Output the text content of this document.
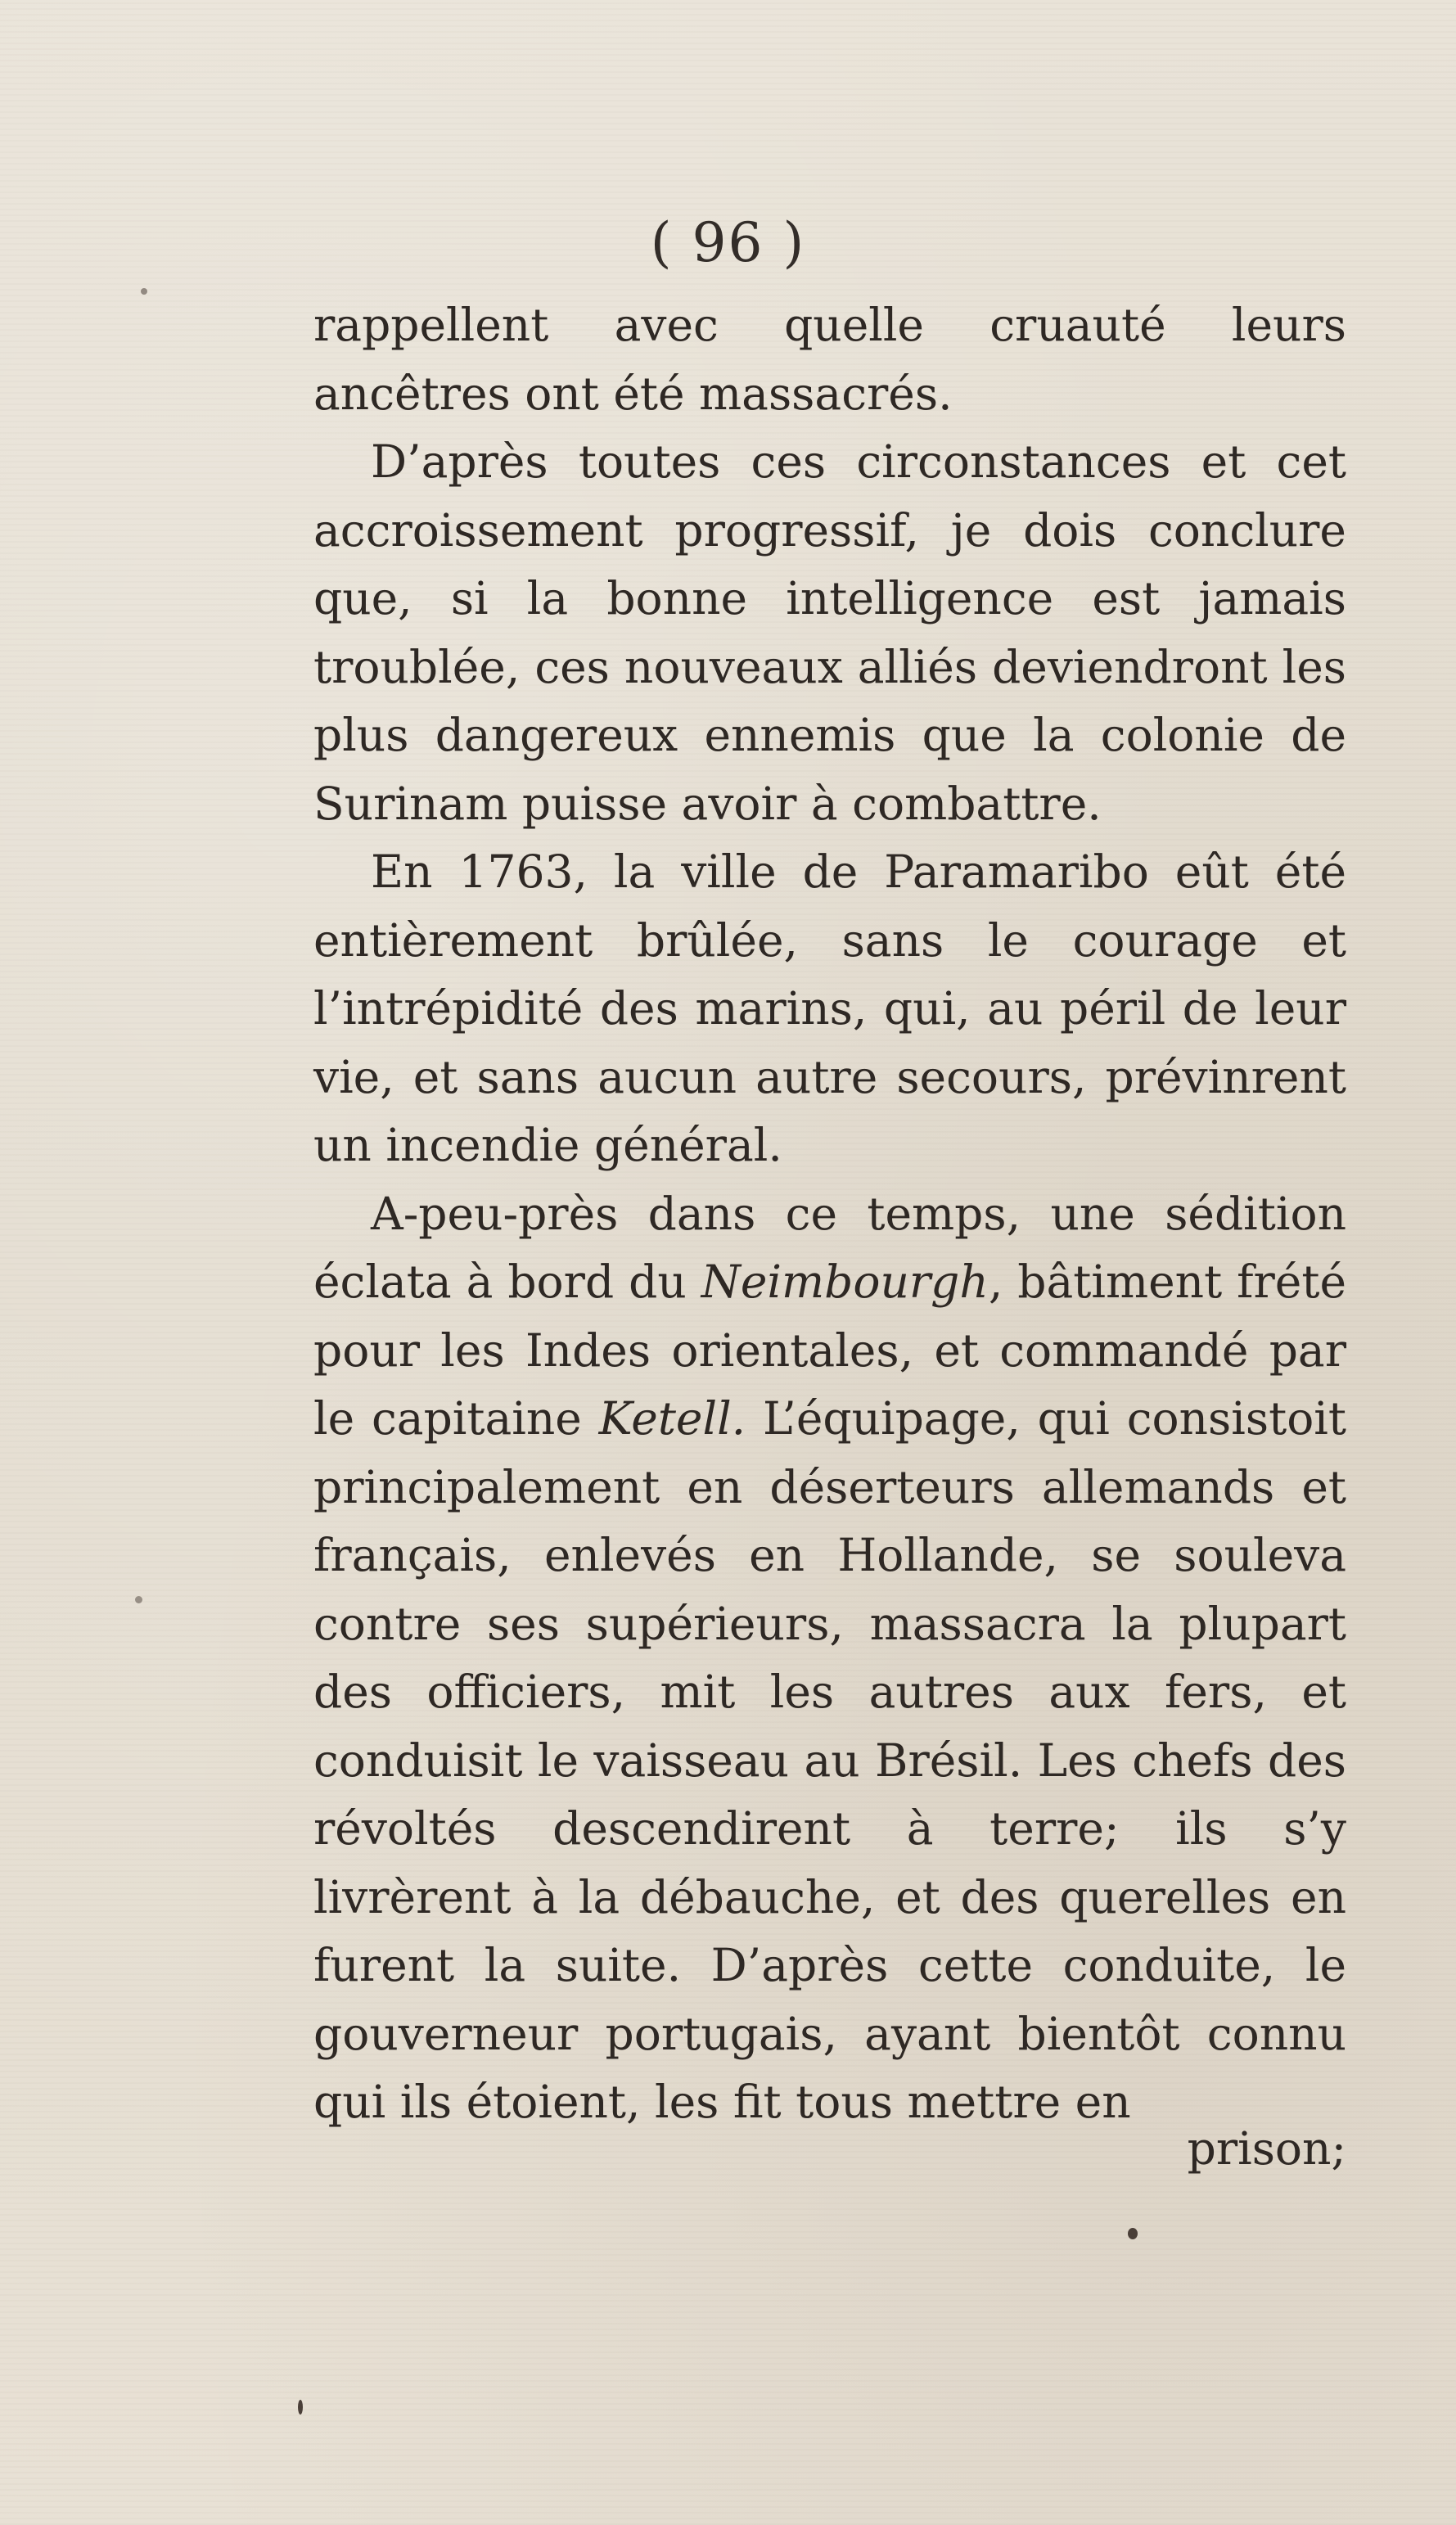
( 96 )

rappellent avec quelle cruauté leurs ancêtres ont été massacrés.

D’après toutes ces circonstances et cet accroissement progressif, je dois conclure que, si la bonne intelligence est jamais troublée, ces nouveaux alliés deviendront les plus dangereux ennemis que la colonie de Surinam puisse avoir à combattre.

En 1763, la ville de Paramaribo eût été entièrement brûlée, sans le courage et l’intrépidité des marins, qui, au péril de leur vie, et sans aucun autre secours, prévinrent un incendie général.

A-peu-près dans ce temps, une sédition éclata à bord du Neimbourgh, bâtiment frété pour les Indes orientales, et commandé par le capitaine Ketell. L’équipage, qui consistoit principalement en déserteurs allemands et français, enlevés en Hollande, se souleva contre ses supérieurs, massacra la plupart des officiers, mit les autres aux fers, et conduisit le vaisseau au Brésil. Les chefs des révoltés descendirent à terre; ils s’y livrèrent à la débauche, et des querelles en furent la suite. D’après cette conduite, le gouverneur portugais, ayant bientôt connu qui ils étoient, les fit tous mettre en

prison;
